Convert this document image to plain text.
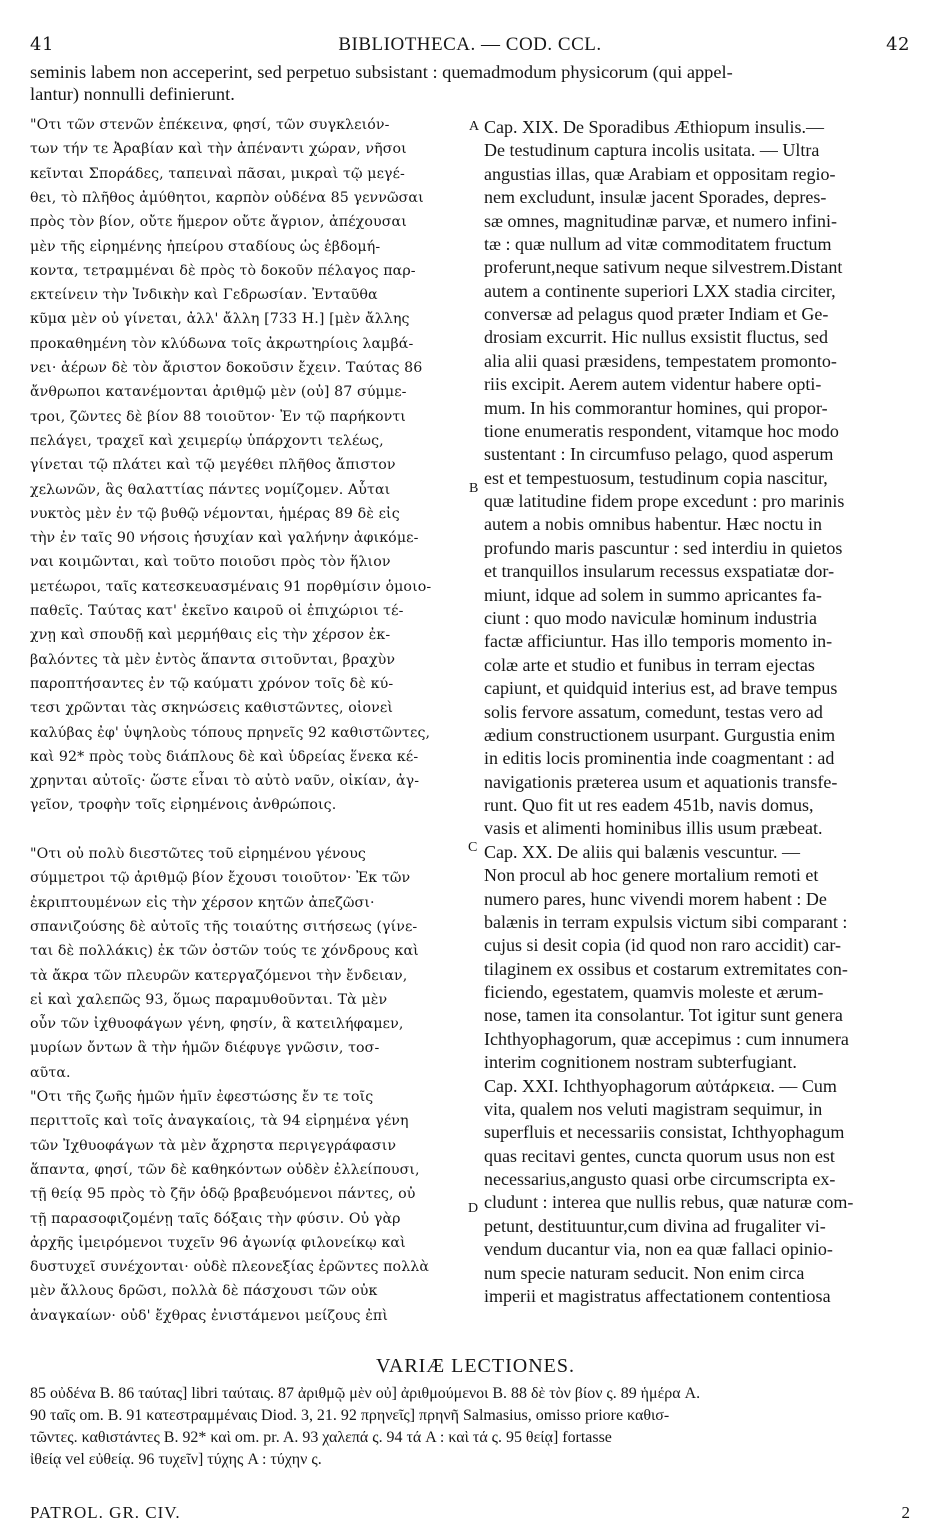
41	BIBLIOTHECA. — COD. CCL.	42
seminis labem non acceperint, sed perpetuo subsistant : quemadmodum physicorum (qui appel-
lantur) nonnulli definierunt.
"Οτι τῶν στενῶν ἐπέκεινα, φησί, τῶν συγκλειόν-
των τήν τε Ἀραβίαν καὶ τὴν ἀπέναντι χώραν, νῆσοι
κεῖνται Σποράδες, ταπειναὶ πᾶσαι, μικραὶ τῷ μεγέ-
θει, τὸ πλῆθος ἀμύθητοι, καρπὸν οὐδένα 85 γεννῶσαι
πρὸς τὸν βίον, οὔτε ἥμερον οὔτε ἄγριον, ἀπέχουσαι
μὲν τῆς εἰρημένης ἠπείρου σταδίους ὡς ἑβδομή-
κοντα, τετραμμέναι δὲ πρὸς τὸ δοκοῦν πέλαγος παρ-
εκτείνειν τὴν Ἰνδικὴν καὶ Γεδρωσίαν. Ἐνταῦθα
κῦμα μὲν οὐ γίνεται, ἀλλ' ἄλλη [733 H.] [μὲν ἄλλης
προκαθημένη τὸν κλύδωνα τοῖς ἀκρωτηρίοις λαμβά-
νει· ἀέρων δὲ τὸν ἄριστον δοκοῦσιν ἔχειν. Ταύτας 86
ἄνθρωποι κατανέμονται ἀριθμῷ μὲν (οὐ] 87 σύμμε-
τροι, ζῶντες δὲ βίον 88 τοιοῦτον· Ἐν τῷ παρήκοντι
πελάγει, τραχεῖ καὶ χειμερίῳ ὑπάρχοντι τελέως,
γίνεται τῷ πλάτει καὶ τῷ μεγέθει πλῆθος ἄπιστον
χελωνῶν, ἃς θαλαττίας πάντες νομίζομεν. Αὗται
νυκτὸς μὲν ἐν τῷ βυθῷ νέμονται, ἡμέρας 89 δὲ εἰς
τὴν ἐν ταῖς 90 νήσοις ἡσυχίαν καὶ γαλήνην ἀφικόμε-
ναι κοιμῶνται, καὶ τοῦτο ποιοῦσι πρὸς τὸν ἥλιον
μετέωροι, ταῖς κατεσκευασμέναις 91 πορθμίσιν ὁμοιο-
παθεῖς. Ταύτας κατ' ἐκεῖνο καιροῦ οἱ ἐπιχώριοι τέ-
χνῃ καὶ σπουδῇ καὶ μερμήθαις εἰς τὴν χέρσον ἐκ-
βαλόντες τὰ μὲν ἐντὸς ἅπαντα σιτοῦνται, βραχὺν
παροπτήσαντες ἐν τῷ καύματι χρόνον τοῖς δὲ κύ-
τεσι χρῶνται τὰς σκηνώσεις καθιστῶντες, οἱονεὶ
καλύβας ἐφ' ὑψηλοὺς τόπους πρηνεῖς 92 καθιστῶντες,
καὶ 92* πρὸς τοὺς διάπλους δὲ καὶ ὑδρείας ἕνεκα κέ-
χρηνται αὐτοῖς· ὥστε εἶναι τὸ αὐτὸ ναῦν, οἰκίαν, ἀγ-
γεῖον, τροφὴν τοῖς εἰρημένοις ἀνθρώποις.
"Οτι οὐ πολὺ διεστῶτες τοῦ εἰρημένου γένους
σύμμετροι τῷ ἀριθμῷ βίον ἔχουσι τοιοῦτον· Ἐκ τῶν
ἐκριπτουμένων εἰς τὴν χέρσον κητῶν ἀπεζῶσι·
σπανιζούσης δὲ αὐτοῖς τῆς τοιαύτης σιτήσεως (γίνε-
ται δὲ πολλάκις) ἐκ τῶν ὀστῶν τούς τε χόνδρους καὶ
τὰ ἄκρα τῶν πλευρῶν κατεργαζόμενοι τὴν ἔνδειαν,
εἰ καὶ χαλεπῶς 93, ὅμως παραμυθοῦνται. Τὰ μὲν
οὖν τῶν ἰχθυοφάγων γένη, φησίν, ἃ κατειλήφαμεν,
μυρίων ὄντων ἃ τὴν ἡμῶν διέφυγε γνῶσιν, τοσ-
αῦτα.
"Οτι τῆς ζωῆς ἡμῶν ἡμῖν ἐφεστώσης ἔν τε τοῖς
περιττοῖς καὶ τοῖς ἀναγκαίοις, τὰ 94 εἰρημένα γένη
τῶν Ἰχθυοφάγων τὰ μὲν ἄχρηστα περιγεγράφασιν
ἅπαντα, φησί, τῶν δὲ καθηκόντων οὐδὲν ἐλλείπουσι,
τῇ θείᾳ 95 πρὸς τὸ ζῆν ὁδῷ βραβευόμενοι πάντες, οὐ
τῇ παρασοφιζομένῃ ταῖς δόξαις τὴν φύσιν. Οὐ γὰρ
ἀρχῆς ἱμειρόμενοι τυχεῖν 96 ἀγωνίᾳ φιλονείκῳ καὶ
δυστυχεῖ συνέχονται· οὐδὲ πλεονεξίας ἐρῶντες πολλὰ
μὲν ἄλλους δρῶσι, πολλὰ δὲ πάσχουσι τῶν οὐκ
ἀναγκαίων· οὐδ' ἔχθρας ἐνιστάμενοι μείζους ἐπὶ
Cap. XIX. De Sporadibus Æthiopum insulis.—
De testudinum captura incolis usitata. — Ultra
angustias illas, quæ Arabiam et oppositam regio-
nem excludunt, insulæ jacent Sporades, depres-
sæ omnes, magnitudinæ parvæ, et numero infini-
tæ : quæ nullum ad vitæ commoditatem fructum
proferunt,neque sativum neque silvestrem.Distant
autem a continente superiori LXX stadia circiter,
conversæ ad pelagus quod præter Indiam et Ge-
drosiam excurrit. Hic nullus exsistit fluctus, sed
alia alii quasi præsidens, tempestatem promonto-
riis excipit. Aerem autem videntur habere opti-
mum. In his commorantur homines, qui propor-
tione enumeratis respondent, vitamque hoc modo
sustentant : In circumfuso pelago, quod asperum
est et tempestuosum, testudinum copia nascitur,
quæ latitudine fidem prope excedunt : pro marinis
autem a nobis omnibus habentur. Hæc noctu in
profundo maris pascuntur : sed interdiu in quietos
et tranquillos insularum recessus exspatiatæ dor-
miunt, idque ad solem in summo apricantes fa-
ciunt : quo modo naviculæ hominum industria
factæ afficiuntur. Has illo temporis momento in-
colæ arte et studio et funibus in terram ejectas
capiunt, et quidquid interius est, ad brave tempus
solis fervore assatum, comedunt, testas vero ad
ædium constructionem usurpant. Gurgustia enim
in editis locis prominentia inde coagmentant : ad
navigationis præterea usum et aquationis transfe-
runt. Quo fit ut res eadem 451b, navis domus,
vasis et alimenti hominibus illis usum præbeat.
Cap. XX. De aliis qui balænis vescuntur. —
Non procul ab hoc genere mortalium remoti et
numero pares, hunc vivendi morem habent : De
balænis in terram expulsis victum sibi comparant :
cujus si desit copia (id quod non raro accidit) car-
tilaginem ex ossibus et costarum extremitates con-
ficiendo, egestatem, quamvis moleste et ærum-
nose, tamen ita consolantur. Tot igitur sunt genera
Ichthyophagorum, quæ accepimus : cum innumera
interim cognitionem nostram subterfugiant.
Cap. XXI. Ichthyophagorum αὐτάρκεια. — Cum
vita, qualem nos veluti magistram sequimur, in
superfluis et necessariis consistat, Ichthyophagum
quas recitavi gentes, cuncta quorum usus non est
necessarius,angusto quasi orbe circumscripta ex-
cludunt : interea que nullis rebus, quæ naturæ com-
petunt, destituuntur,cum divina ad frugaliter vi-
vendum ducantur via, non ea quæ fallaci opinio-
num specie naturam seducit. Non enim circa
imperii et magistratus affectationem contentiosa
A
B
C
D
VARIÆ LECTIONES.
85 οὐδένα B. 86 ταύτας] libri ταύταις. 87 ἀριθμῷ μὲν οὐ] ἀριθμούμενοι B. 88 δὲ τὸν βίον ς. 89 ἡμέρα A.
90 ταῖς om. B. 91 κατεστραμμέναις Diod. 3, 21. 92 πρηνεῖς] πρηνῆ Salmasius, omisso priore καθισ-
τῶντες. καθιστάντες B. 92* καὶ om. pr. A. 93 χαλεπά ς. 94 τά A : καὶ τά ς. 95 θείᾳ] fortasse
ἰθείᾳ vel εὐθείᾳ. 96 τυχεῖν] τύχης A : τύχην ς.
PATROL. GR. CIV.	2
